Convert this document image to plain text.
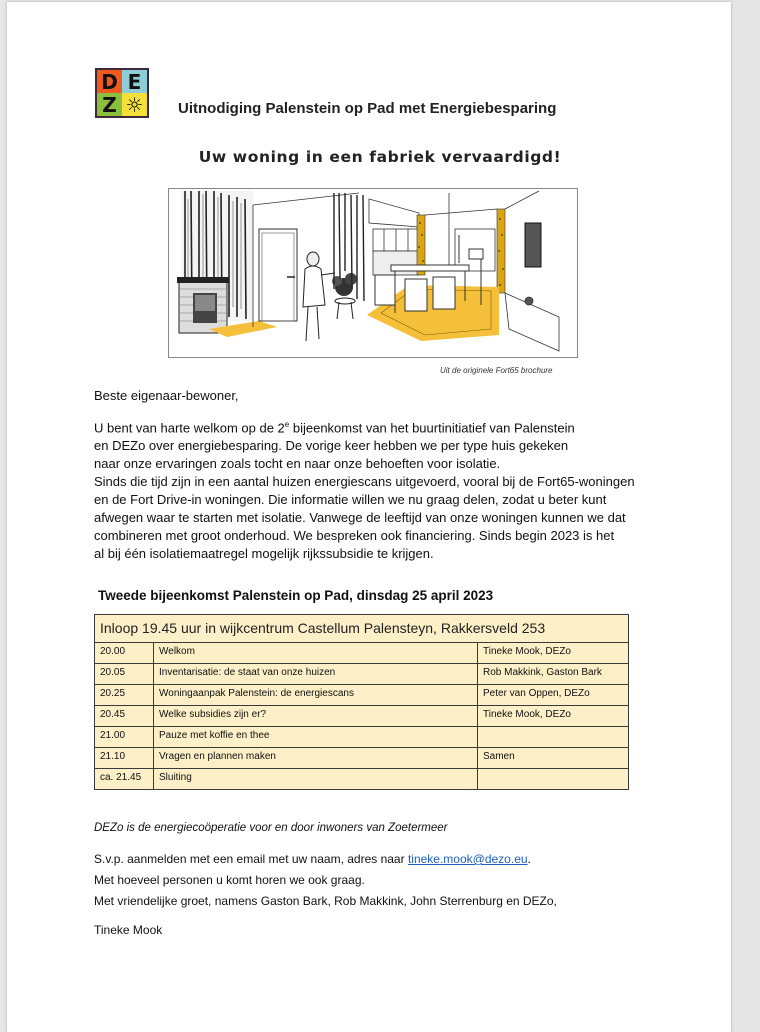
D E
Z ☼ Uitnodiging Palenstein op Pad met Energiebesparing
Uw woning in een fabriek vervaardigd!
Uit de originele Fort65 brochure
Beste eigenaar-bewoner,
U bent van harte welkom op de 2e bijeenkomst van het buurtinitiatief van Palenstein
en DEZo over energiebesparing. De vorige keer hebben we per type huis gekeken
naar onze ervaringen zoals tocht en naar onze behoeften voor isolatie.
Sinds die tijd zijn in een aantal huizen energiescans uitgevoerd, vooral bij de Fort65-woningen
en de Fort Drive-in woningen. Die informatie willen we nu graag delen, zodat u beter kunt
afwegen waar te starten met isolatie. Vanwege de leeftijd van onze woningen kunnen we dat
combineren met groot onderhoud. We bespreken ook financiering. Sinds begin 2023 is het
al bij één isolatiemaatregel mogelijk rijkssubsidie te krijgen.
Tweede bijeenkomst Palenstein op Pad, dinsdag 25 april 2023
Inloop 19.45 uur in wijkcentrum Castellum Palensteyn, Rakkersveld 253		
20.00	Welkom	Tineke Mook, DEZo
20.05	Inventarisatie: de staat van onze huizen	Rob Makkink, Gaston Bark
20.25	Woningaanpak Palenstein: de energiescans	Peter van Oppen, DEZo
20.45	Welke subsidies zijn er?	Tineke Mook, DEZo
21.00	Pauze met koffie en thee	
21.10	Vragen en plannen maken	Samen
ca. 21.45	Sluiting	
DEZo is de energiecoöperatie voor en door inwoners van Zoetermeer
S.v.p. aanmelden met een email met uw naam, adres naar tineke.mook@dezo.eu.
Met hoeveel personen u komt horen we ook graag.
Met vriendelijke groet, namens Gaston Bark, Rob Makkink, John Sterrenburg en DEZo,
Tineke Mook
